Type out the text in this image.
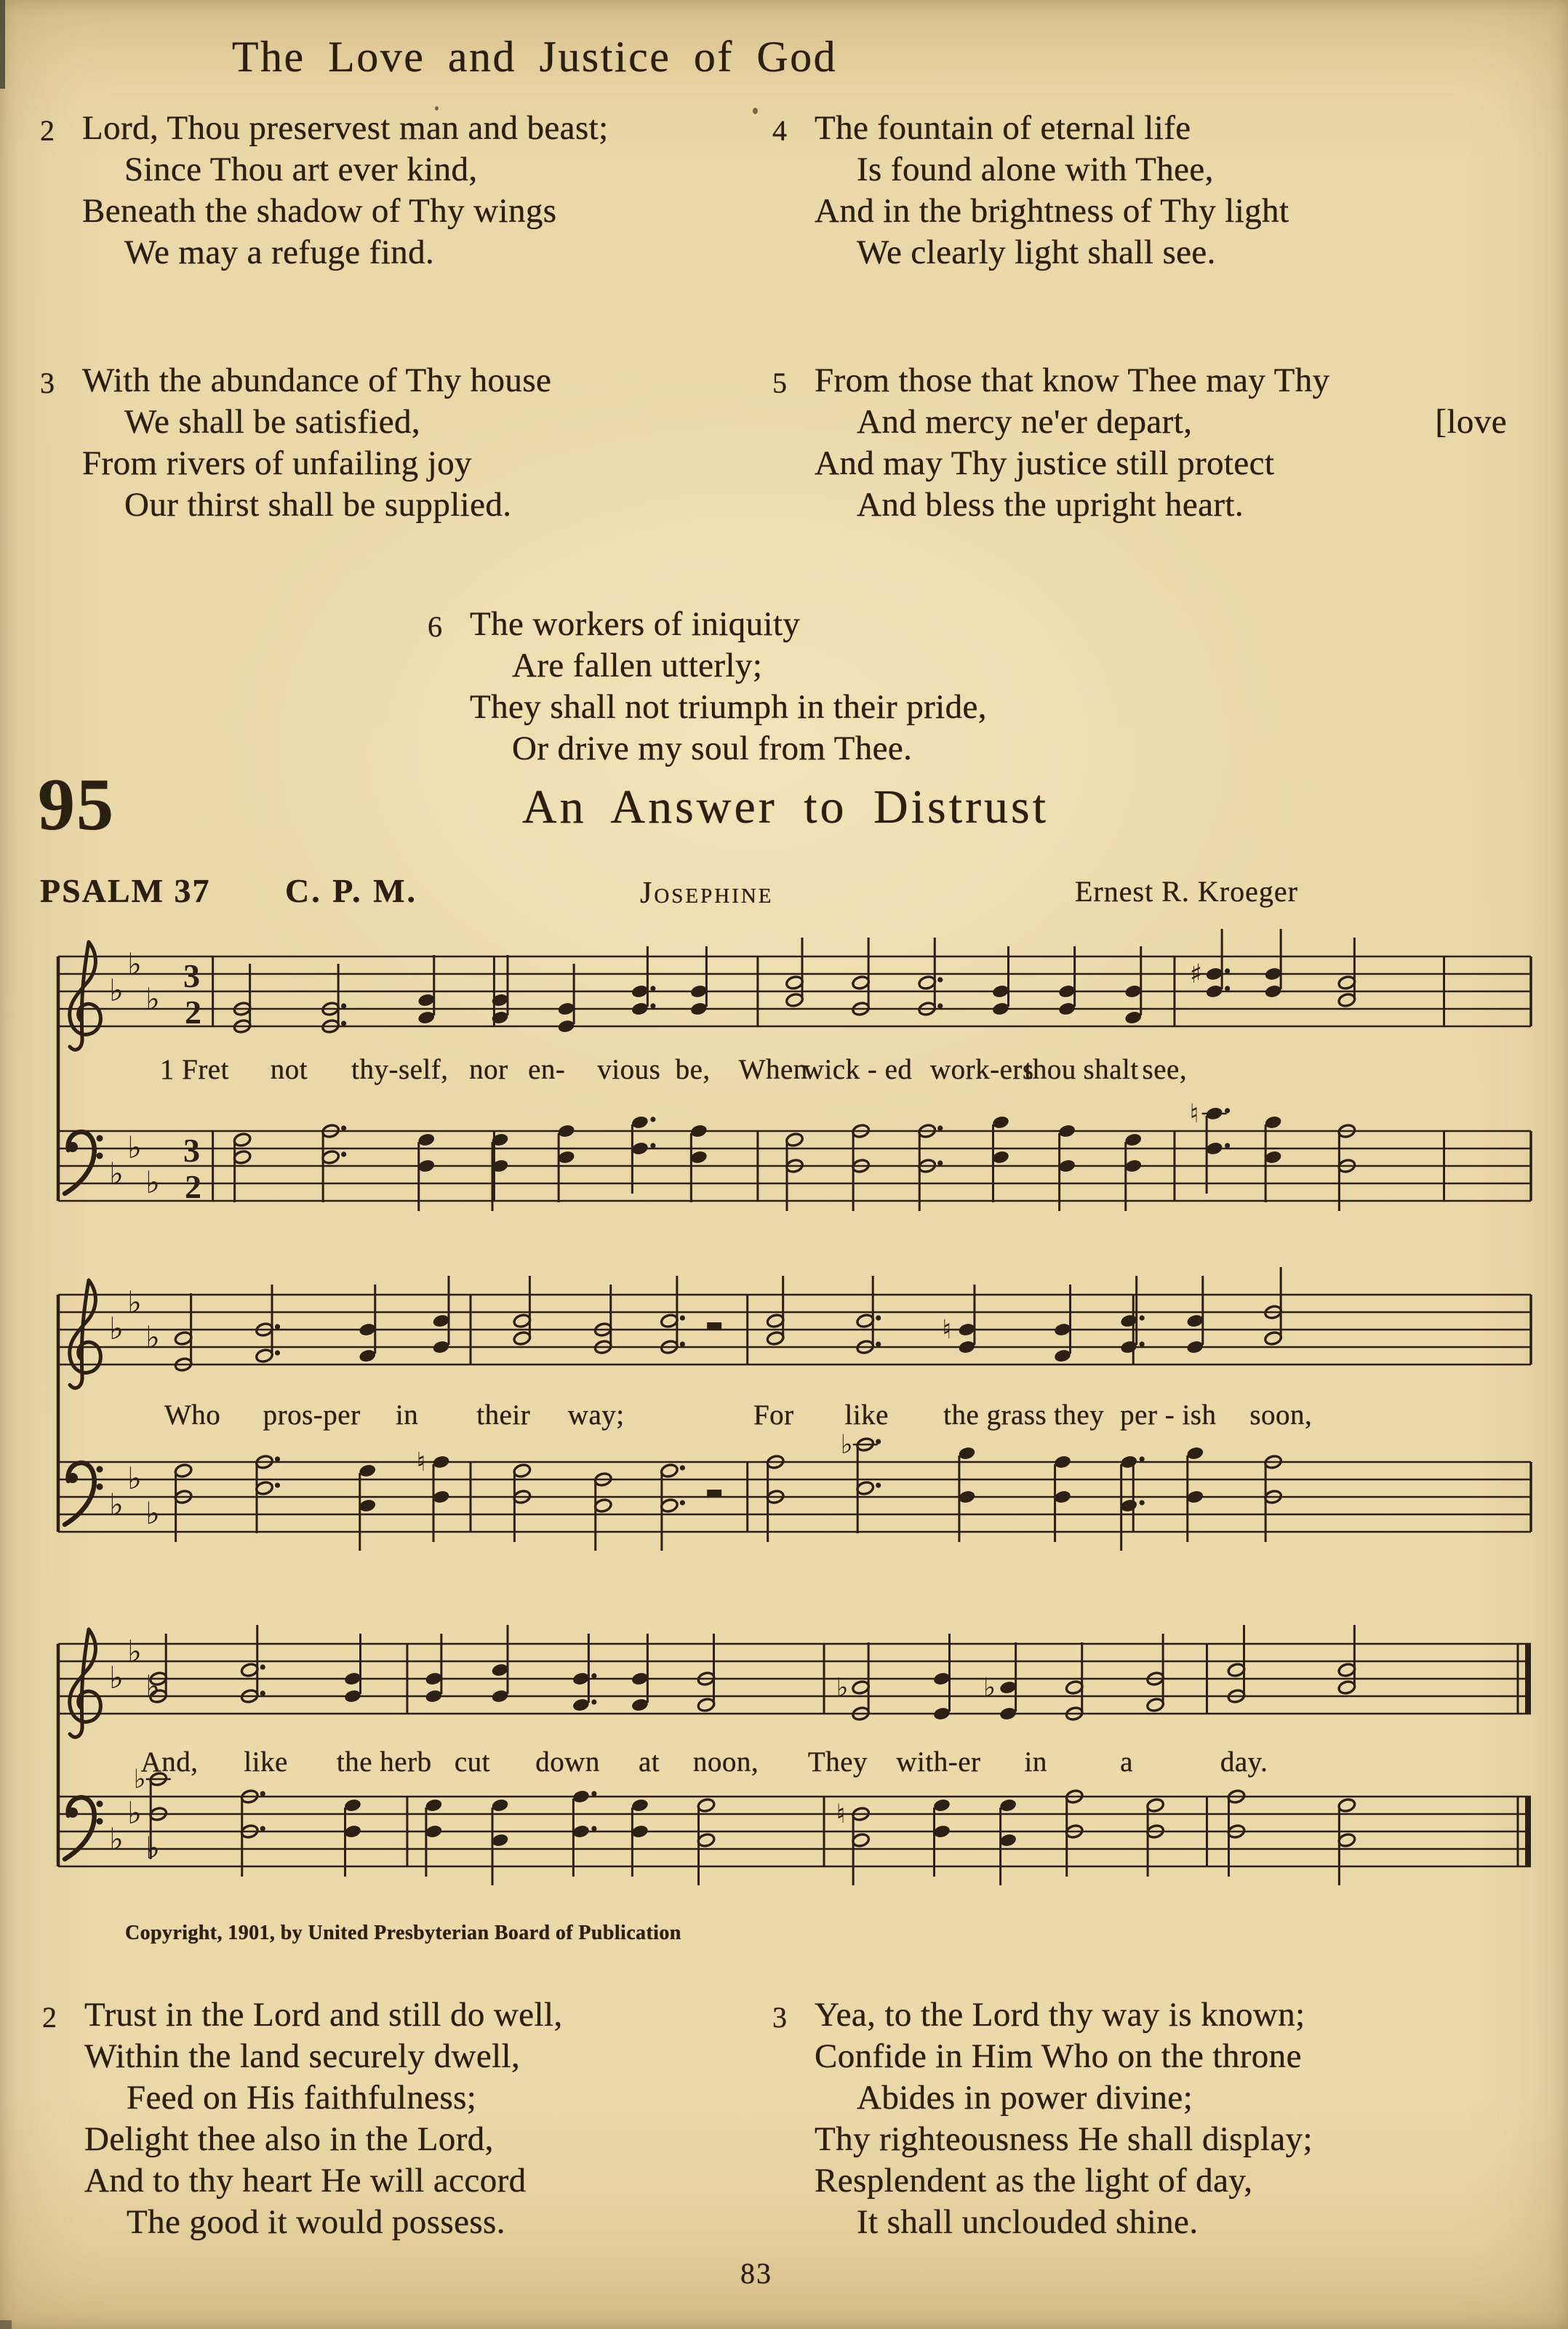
The Love and Justice of God
2 Lord, Thou preservest man and beast;
Since Thou art ever kind,
Beneath the shadow of Thy wings
We may a refuge find.
3 With the abundance of Thy house
We shall be satisfied,
From rivers of unfailing joy
Our thirst shall be supplied.
4 The fountain of eternal life
Is found alone with Thee,
And in the brightness of Thy light
We clearly light shall see.
5 From those that know Thee may Thy
And mercy ne'er depart,	[love
And may Thy justice still protect
And bless the upright heart.
6 The workers of iniquity
Are fallen utterly;
They shall not triumph in their pride,
Or drive my soul from Thee.
95	An Answer to Distrust
PSALM 37 C. P. M.	Josephine	Ernest R. Kroeger
♭
♭
♭
♭
♭
♭
3
2
3
2
♯
♮
1 Fret not thy-self, nor en- vious be, When
wick - ed work-ers
thou shalt see,
♭
♭
♭
♭
♭
♭
♮
♮
♭
Who pros-per in their way;	For like the grass they per - ish soon,
♭
♭
♭
♭
♭
♭
♭	♭
♭
♮
And, like the herb cut down at noon, They with-er in	a	day.
Copyright, 1901, by United Presbyterian Board of Publication
2 Trust in the Lord and still do well,
Within the land securely dwell,
Feed on His faithfulness;
Delight thee also in the Lord,
And to thy heart He will accord
The good it would possess.
3 Yea, to the Lord thy way is known;
Confide in Him Who on the throne
Abides in power divine;
Thy righteousness He shall display;
Resplendent as the light of day,
It shall unclouded shine.
83
